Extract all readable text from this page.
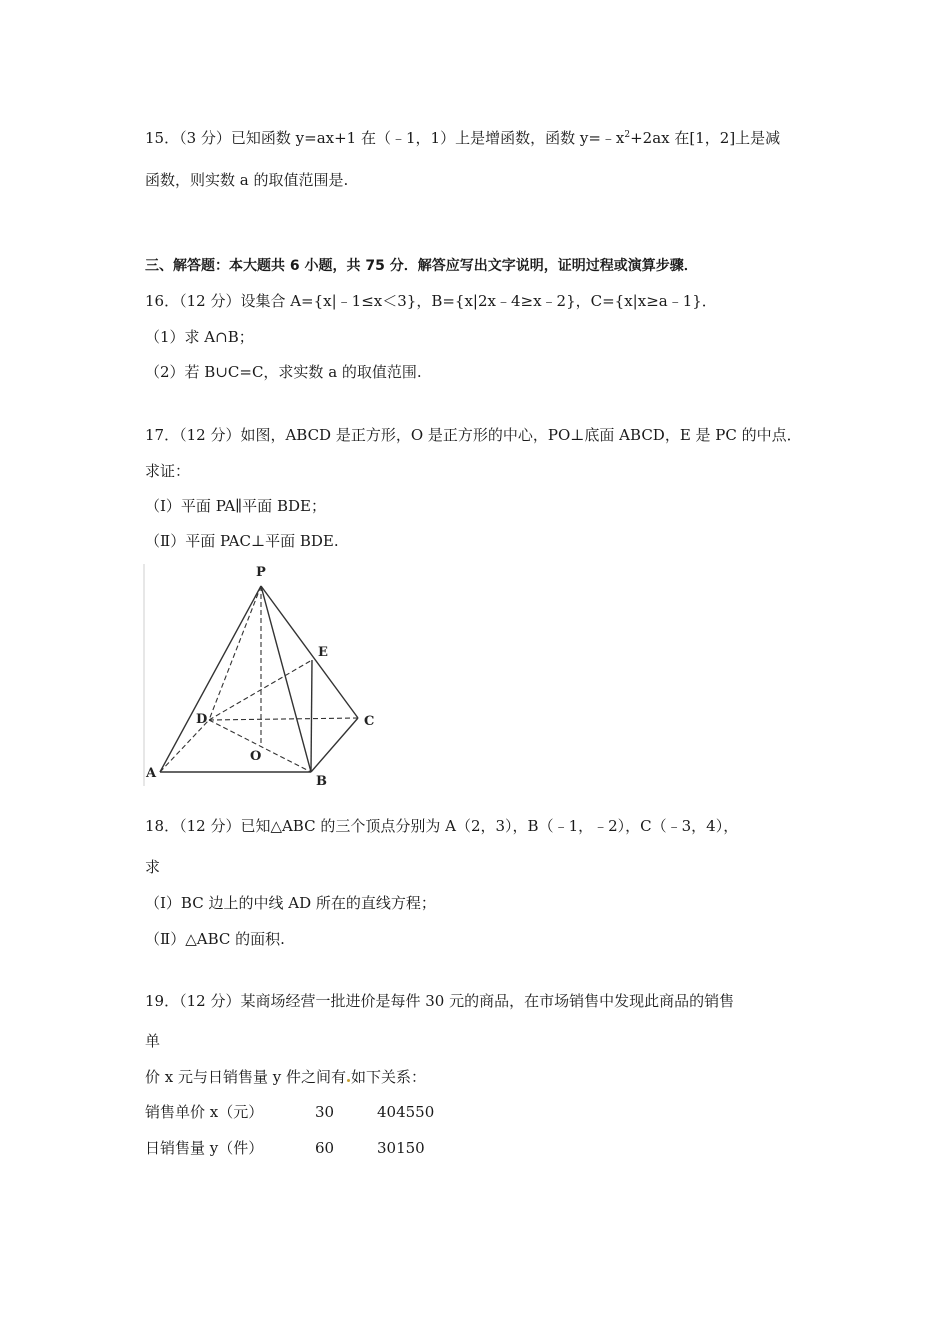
15．（3 分）已知函数 y=ax+1 在（﹣1，1）上是增函数，函数 $y=﹣x^2+2ax$ 在[1，2]上是减
函数，则实数 a 的取值范围是.
三、解答题：本大题共 6 小题，共 75 分．解答应写出文字说明，证明过程或演算步骤．
16．（12 分）设集合 A={x|﹣1≤x＜3}，B={x|2x﹣4≥x﹣2}，C={x|x≥a﹣1}．
（1）求 A∩B；
（2）若 B∪C=C，求实数 a 的取值范围.
17．（12 分）如图，ABCD 是正方形，O 是正方形的中心，PO⊥底面 ABCD，E 是 PC 的中点．
求证：
（Ⅰ）平面 PA∥平面 BDE；
（Ⅱ）平面 PAC⊥平面 BDE.
P
E
D	C
O
A
B
18．（12 分）已知△ABC 的三个顶点分别为 A（2，3），B（﹣1，﹣2），C（﹣3，4），
求
（Ⅰ）BC 边上的中线 AD 所在的直线方程；
（Ⅱ）△ABC 的面积.
19．（12 分）某商场经营一批进价是每件 30 元的商品，在市场销售中发现此商品的销售
单
价 x 元与日销售量 y 件之间有 如下关系：
销售单价 x（元）	30	404550
日销售量 y（件）	60	30150
